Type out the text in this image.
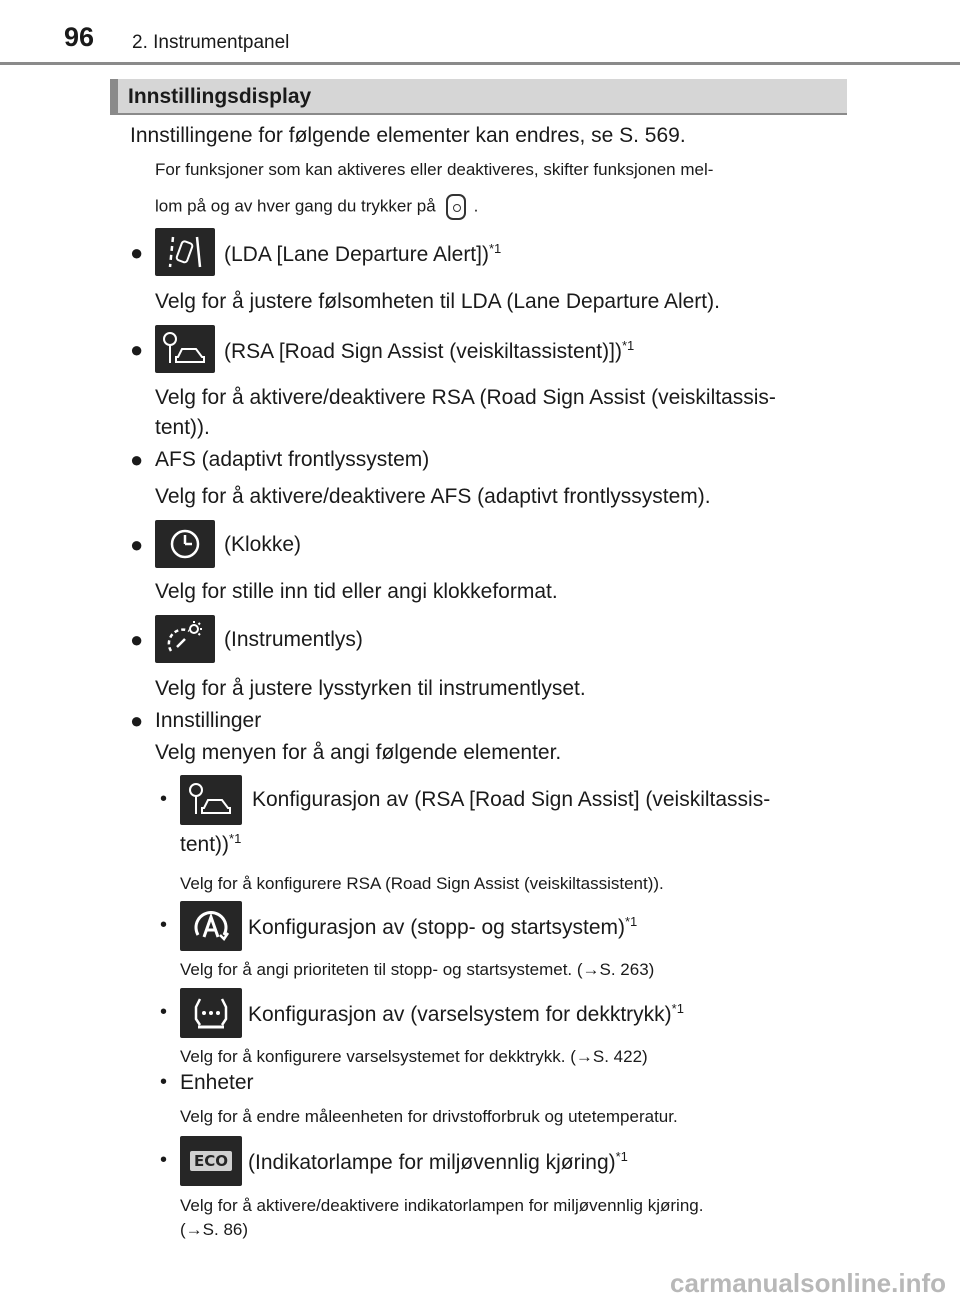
96 2. Instrumentpanel
Innstillingsdisplay
Innstillingene for følgende elementer kan endres, se S. 569.
For funksjoner som kan aktiveres eller deaktiveres, skifter funksjonen mel-
lom på og av hver gang du trykker på .
●	(LDA [Lane Departure Alert])$^{*1}$
Velg for å justere følsomheten til LDA (Lane Departure Alert).
●	(RSA [Road Sign Assist (veiskiltassistent)])$^{*1}$
Velg for å aktivere/deaktivere RSA (Road Sign Assist (veiskiltassis-
tent)).
● AFS (adaptivt frontlyssystem)
Velg for å aktivere/deaktivere AFS (adaptivt frontlyssystem).
●	(Klokke)
Velg for stille inn tid eller angi klokkeformat.
●	(Instrumentlys)
Velg for å justere lysstyrken til instrumentlyset.
● Innstillinger
Velg menyen for å angi følgende elementer.
•	Konfigurasjon av (RSA [Road Sign Assist] (veiskiltassis-
tent))$^{*1}$
Velg for å konfigurere RSA (Road Sign Assist (veiskiltassistent)).
•	Konfigurasjon av (stopp- og startsystem)$^{*1}$
Velg for å angi prioriteten til stopp- og startsystemet. (→S. 263)
•	Konfigurasjon av (varselsystem for dekktrykk)$^{*1}$
Velg for å konfigurere varselsystemet for dekktrykk. (→S. 422)
• Enheter
Velg for å endre måleenheten for drivstofforbruk og utetemperatur.
• ECO (Indikatorlampe for miljøvennlig kjøring)$^{*1}$
Velg for å aktivere/deaktivere indikatorlampen for miljøvennlig kjøring.
(→S. 86)
carmanualsonline.info
